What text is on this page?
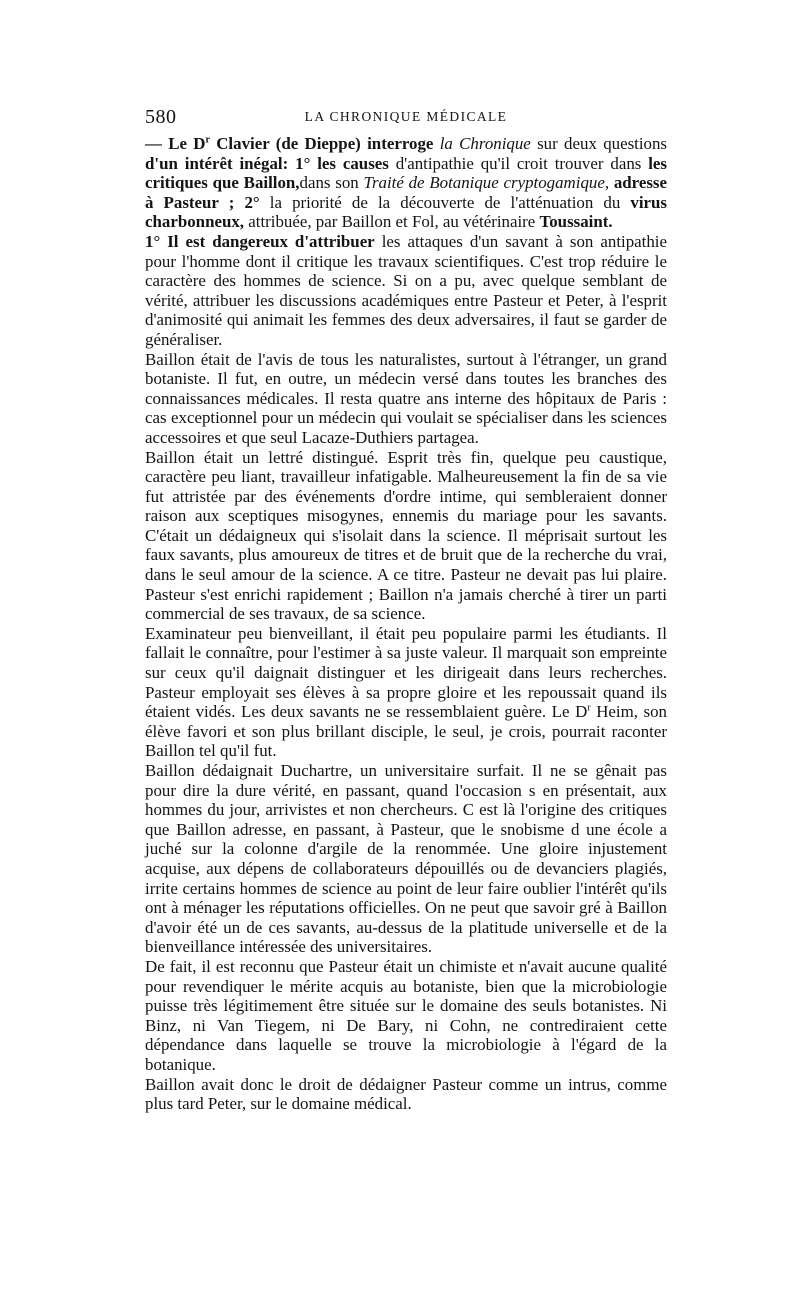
580	LA CHRONIQUE MÉDICALE

— Le $D^r$ Clavier (de Dieppe) interroge la Chronique sur deux questions d'un intérêt inégal: 1° les causes d'antipathie qu'il croit trouver dans les critiques que Baillon,dans son Traité de Botanique cryptogamique, adresse à Pasteur ; 2° la priorité de la découverte de l'atténuation du virus charbonneux, attribuée, par Baillon et Fol, au vétérinaire Toussaint.

1° Il est dangereux d'attribuer les attaques d'un savant à son antipathie pour l'homme dont il critique les travaux scientifiques. C'est trop réduire le caractère des hommes de science. Si on a pu, avec quelque semblant de vérité, attribuer les discussions académiques entre Pasteur et Peter, à l'esprit d'animosité qui animait les femmes des deux adversaires, il faut se garder de généraliser.

Baillon était de l'avis de tous les naturalistes, surtout à l'étranger, un grand botaniste. Il fut, en outre, un médecin versé dans toutes les branches des connaissances médicales. Il resta quatre ans interne des hôpitaux de Paris : cas exceptionnel pour un médecin qui voulait se spécialiser dans les sciences accessoires et que seul Lacaze-Duthiers partagea.

Baillon était un lettré distingué. Esprit très fin, quelque peu caustique, caractère peu liant, travailleur infatigable. Malheureusement la fin de sa vie fut attristée par des événements d'ordre intime, qui sembleraient donner raison aux sceptiques misogynes, ennemis du mariage pour les savants. C'était un dédaigneux qui s'isolait dans la science. Il méprisait surtout les faux savants, plus amoureux de titres et de bruit que de la recherche du vrai, dans le seul amour de la science. A ce titre. Pasteur ne devait pas lui plaire. Pasteur s'est enrichi rapidement ; Baillon n'a jamais cherché à tirer un parti commercial de ses travaux, de sa science.

Examinateur peu bienveillant, il était peu populaire parmi les étudiants. Il fallait le connaître, pour l'estimer à sa juste valeur. Il marquait son empreinte sur ceux qu'il daignait distinguer et les dirigeait dans leurs recherches. Pasteur employait ses élèves à sa propre gloire et les repoussait quand ils étaient vidés. Les deux savants ne se ressemblaient guère. Le $D^r$ Heim, son élève favori et son plus brillant disciple, le seul, je crois, pourrait raconter Baillon tel qu'il fut.

Baillon dédaignait Duchartre, un universitaire surfait. Il ne se gênait pas pour dire la dure vérité, en passant, quand l'occasion s en présentait, aux hommes du jour, arrivistes et non chercheurs. C est là l'origine des critiques que Baillon adresse, en passant, à Pasteur, que le snobisme d une école a juché sur la colonne d'argile de la renommée. Une gloire injustement acquise, aux dépens de collaborateurs dépouillés ou de devanciers plagiés, irrite certains hommes de science au point de leur faire oublier l'intérêt qu'ils ont à ménager les réputations officielles. On ne peut que savoir gré à Baillon d'avoir été un de ces savants, au-dessus de la platitude universelle et de la bienveillance intéressée des universitaires.

De fait, il est reconnu que Pasteur était un chimiste et n'avait aucune qualité pour revendiquer le mérite acquis au botaniste, bien que la microbiologie puisse très légitimement être située sur le domaine des seuls botanistes. Ni Binz, ni Van Tiegem, ni De Bary, ni Cohn, ne contrediraient cette dépendance dans laquelle se trouve la microbiologie à l'égard de la botanique.

Baillon avait donc le droit de dédaigner Pasteur comme un intrus, comme plus tard Peter, sur le domaine médical.
